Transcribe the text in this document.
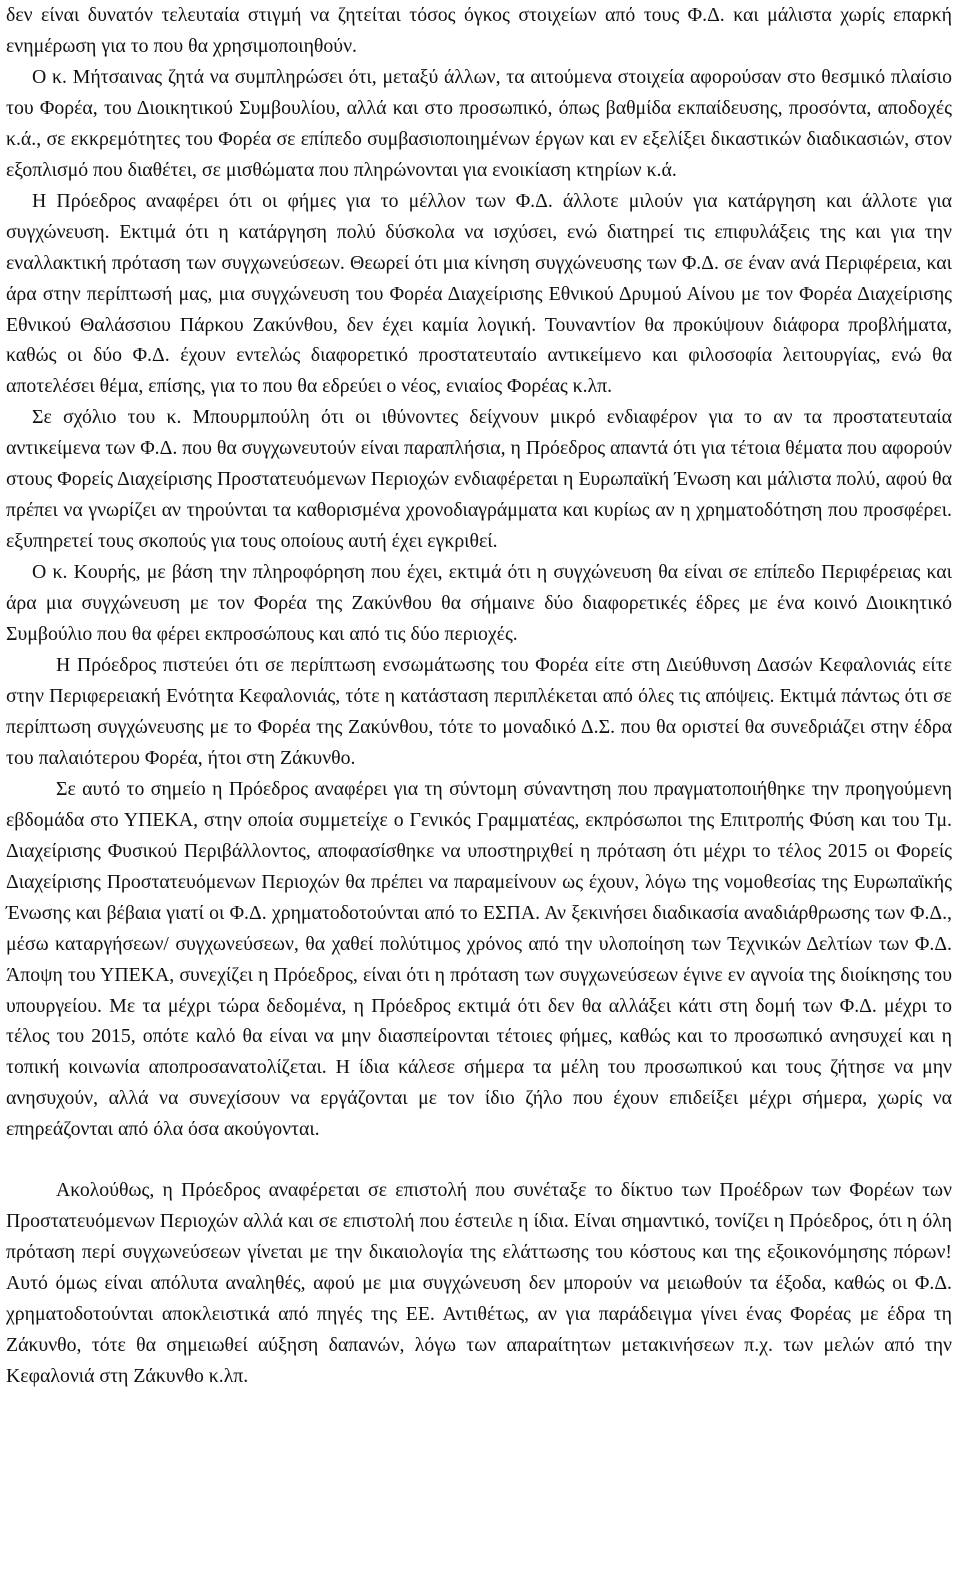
δεν είναι δυνατόν τελευταία στιγμή να ζητείται τόσος όγκος στοιχείων από τους Φ.Δ. και μάλιστα χωρίς επαρκή ενημέρωση για το που θα χρησιμοποιηθούν.

Ο κ. Μήτσαινας ζητά να συμπληρώσει ότι, μεταξύ άλλων, τα αιτούμενα στοιχεία αφορούσαν στο θεσμικό πλαίσιο του Φορέα, του Διοικητικού Συμβουλίου, αλλά και στο προσωπικό, όπως βαθμίδα εκπαίδευσης, προσόντα, αποδοχές κ.ά., σε εκκρεμότητες του Φορέα σε επίπεδο συμβασιοποιημένων έργων και εν εξελίξει δικαστικών διαδικασιών, στον εξοπλισμό που διαθέτει, σε μισθώματα που πληρώνονται για ενοικίαση κτηρίων κ.ά.

Η Πρόεδρος αναφέρει ότι οι φήμες για το μέλλον των Φ.Δ. άλλοτε μιλούν για κατάργηση και άλλοτε για συγχώνευση. Εκτιμά ότι η κατάργηση πολύ δύσκολα να ισχύσει, ενώ διατηρεί τις επιφυλάξεις της και για την εναλλακτική πρόταση των συγχωνεύσεων. Θεωρεί ότι μια κίνηση συγχώνευσης των Φ.Δ. σε έναν ανά Περιφέρεια, και άρα στην περίπτωσή μας, μια συγχώνευση του Φορέα Διαχείρισης Εθνικού Δρυμού Αίνου με τον Φορέα Διαχείρισης Εθνικού Θαλάσσιου Πάρκου Ζακύνθου, δεν έχει καμία λογική. Τουναντίον θα προκύψουν διάφορα προβλήματα, καθώς οι δύο Φ.Δ. έχουν εντελώς διαφορετικό προστατευταίο αντικείμενο και φιλοσοφία λειτουργίας, ενώ θα αποτελέσει θέμα, επίσης, για το που θα εδρεύει ο νέος, ενιαίος Φορέας κ.λπ.

Σε σχόλιο του κ. Μπουρμπούλη ότι οι ιθύνοντες δείχνουν μικρό ενδιαφέρον για το αν τα προστατευταία αντικείμενα των Φ.Δ. που θα συγχωνευτούν είναι παραπλήσια, η Πρόεδρος απαντά ότι για τέτοια θέματα που αφορούν στους Φορείς Διαχείρισης Προστατευόμενων Περιοχών ενδιαφέρεται η Ευρωπαϊκή Ένωση και μάλιστα πολύ, αφού θα πρέπει να γνωρίζει αν τηρούνται τα καθορισμένα χρονοδιαγράμματα και κυρίως αν η χρηματοδότηση που προσφέρει. εξυπηρετεί τους σκοπούς για τους οποίους αυτή έχει εγκριθεί.

Ο κ. Κουρής, με βάση την πληροφόρηση που έχει, εκτιμά ότι η συγχώνευση θα είναι σε επίπεδο Περιφέρειας και άρα μια συγχώνευση με τον Φορέα της Ζακύνθου θα σήμαινε δύο διαφορετικές έδρες με ένα κοινό Διοικητικό Συμβούλιο που θα φέρει εκπροσώπους και από τις δύο περιοχές.

Η Πρόεδρος πιστεύει ότι σε περίπτωση ενσωμάτωσης του Φορέα είτε στη Διεύθυνση Δασών Κεφαλονιάς είτε στην Περιφερειακή Ενότητα Κεφαλονιάς, τότε η κατάσταση περιπλέκεται από όλες τις απόψεις. Εκτιμά πάντως ότι σε περίπτωση συγχώνευσης με το Φορέα της Ζακύνθου, τότε το μοναδικό Δ.Σ. που θα οριστεί θα συνεδριάζει στην έδρα του παλαιότερου Φορέα, ήτοι στη Ζάκυνθο.

Σε αυτό το σημείο η Πρόεδρος αναφέρει για τη σύντομη σύναντηση που πραγματοποιήθηκε την προηγούμενη εβδομάδα στο ΥΠΕΚΑ, στην οποία συμμετείχε ο Γενικός Γραμματέας, εκπρόσωποι της Επιτροπής Φύση και του Τμ. Διαχείρισης Φυσικού Περιβάλλοντος, αποφασίσθηκε να υποστηριχθεί η πρόταση ότι μέχρι το τέλος 2015 οι Φορείς Διαχείρισης Προστατευόμενων Περιοχών θα πρέπει να παραμείνουν ως έχουν, λόγω της νομοθεσίας της Ευρωπαϊκής Ένωσης και βέβαια γιατί οι Φ.Δ. χρηματοδοτούνται από το ΕΣΠΑ. Αν ξεκινήσει διαδικασία αναδιάρθρωσης των Φ.Δ., μέσω καταργήσεων/ συγχωνεύσεων, θα χαθεί πολύτιμος χρόνος από την υλοποίηση των Τεχνικών Δελτίων των Φ.Δ. Άποψη του ΥΠΕΚΑ, συνεχίζει η Πρόεδρος, είναι ότι η πρόταση των συγχωνεύσεων έγινε εν αγνοία της διοίκησης του υπουργείου. Με τα μέχρι τώρα δεδομένα, η Πρόεδρος εκτιμά ότι δεν θα αλλάξει κάτι στη δομή των Φ.Δ. μέχρι το τέλος του 2015, οπότε καλό θα είναι να μην διασπείρονται τέτοιες φήμες, καθώς και το προσωπικό ανησυχεί και η τοπική κοινωνία αποπροσανατολίζεται. Η ίδια κάλεσε σήμερα τα μέλη του προσωπικού και τους ζήτησε να μην ανησυχούν, αλλά να συνεχίσουν να εργάζονται με τον ίδιο ζήλο που έχουν επιδείξει μέχρι σήμερα, χωρίς να επηρεάζονται από όλα όσα ακούγονται.

Ακολούθως, η Πρόεδρος αναφέρεται σε επιστολή που συνέταξε το δίκτυο των Προέδρων των Φορέων των Προστατευόμενων Περιοχών αλλά και σε επιστολή που έστειλε η ίδια. Είναι σημαντικό, τονίζει η Πρόεδρος, ότι η όλη πρόταση περί συγχωνεύσεων γίνεται με την δικαιολογία της ελάττωσης του κόστους και της εξοικονόμησης πόρων! Αυτό όμως είναι απόλυτα αναληθές, αφού με μια συγχώνευση δεν μπορούν να μειωθούν τα έξοδα, καθώς οι Φ.Δ. χρηματοδοτούνται αποκλειστικά από πηγές της ΕΕ. Αντιθέτως, αν για παράδειγμα γίνει ένας Φορέας με έδρα τη Ζάκυνθο, τότε θα σημειωθεί αύξηση δαπανών, λόγω των απαραίτητων μετακινήσεων π.χ. των μελών από την Κεφαλονιά στη Ζάκυνθο κ.λπ.
